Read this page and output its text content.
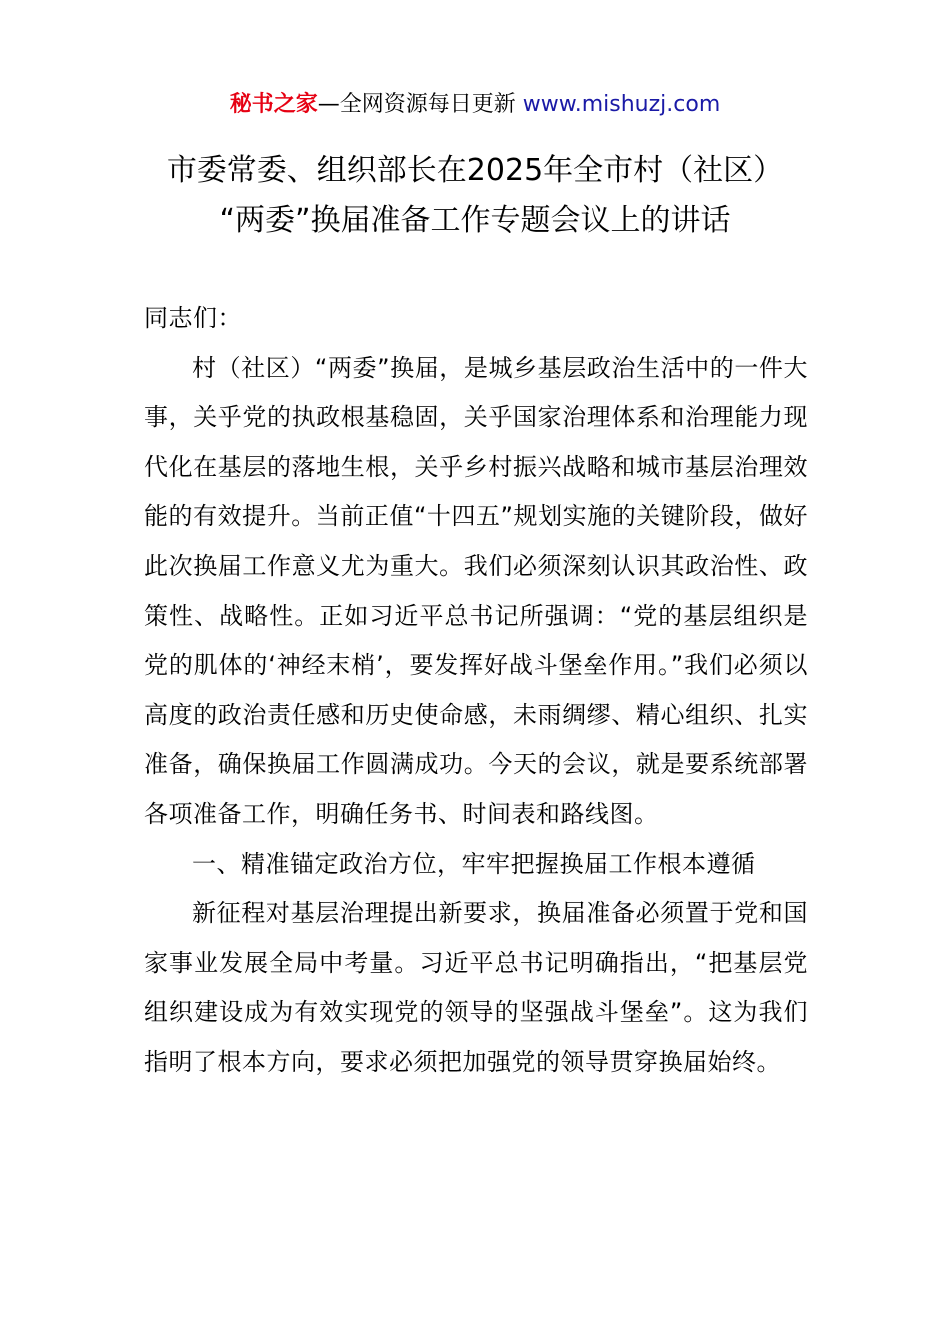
秘书之家—全网资源每日更新 www.mishuzj.com
市委常委、组织部长在2025年全市村（社区）
“两委”换届准备工作专题会议上的讲话

同志们：

村（社区）“两委”换届，是城乡基层政治生活中的一件大事，关乎党的执政根基稳固，关乎国家治理体系和治理能力现代化在基层的落地生根，关乎乡村振兴战略和城市基层治理效能的有效提升。当前正值“十四五”规划实施的关键阶段，做好此次换届工作意义尤为重大。我们必须深刻认识其政治性、政策性、战略性。正如习近平总书记所强调：“党的基层组织是党的肌体的‘神经末梢’，要发挥好战斗堡垒作用。”我们必须以高度的政治责任感和历史使命感，未雨绸缪、精心组织、扎实准备，确保换届工作圆满成功。今天的会议，就是要系统部署各项准备工作，明确任务书、时间表和路线图。

一、精准锚定政治方位，牢牢把握换届工作根本遵循

新征程对基层治理提出新要求，换届准备必须置于党和国家事业发展全局中考量。习近平总书记明确指出，“把基层党组织建设成为有效实现党的领导的坚强战斗堡垒”。这为我们指明了根本方向，要求必须把加强党的领导贯穿换届始终。
